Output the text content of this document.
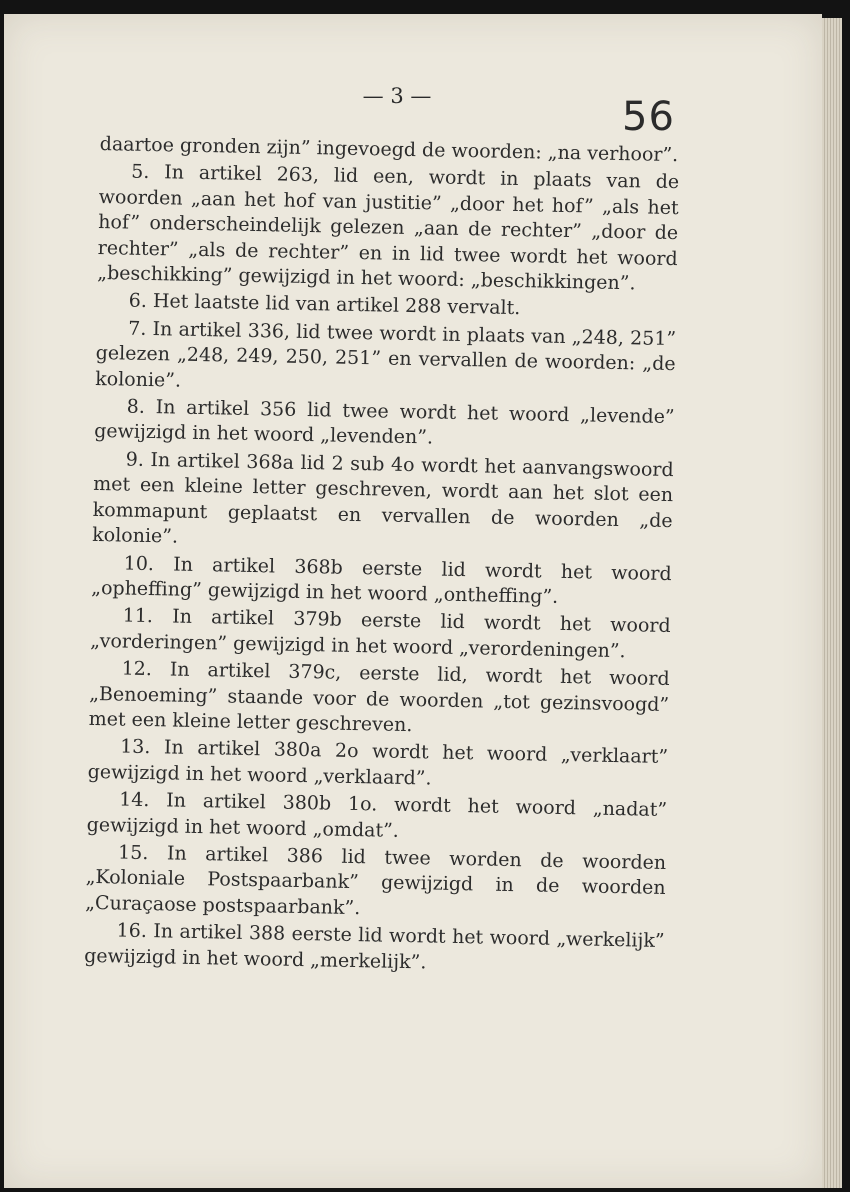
— 3 —	56

daartoe gronden zijn” ingevoegd de woorden: „na verhoor”.

5. In artikel 263, lid een, wordt in plaats van de woorden „aan het hof van justitie” „door het hof” „als het hof” onderscheindelijk gelezen „aan de rechter” „door de rechter” „als de rechter” en in lid twee wordt het woord „beschikking” gewijzigd in het woord: „beschikkingen”.

6. Het laatste lid van artikel 288 vervalt.

7. In artikel 336, lid twee wordt in plaats van „248, 251” gelezen „248, 249, 250, 251” en vervallen de woorden: „de kolonie”.

8. In artikel 356 lid twee wordt het woord „levende” gewijzigd in het woord „levenden”.

9. In artikel 368a lid 2 sub 4o wordt het aanvangswoord met een kleine letter geschreven, wordt aan het slot een kommapunt geplaatst en vervallen de woorden „de kolonie”.

10. In artikel 368b eerste lid wordt het woord „opheffing” gewijzigd in het woord „ontheffing”.

11. In artikel 379b eerste lid wordt het woord „vorderingen” gewijzigd in het woord „verordeningen”.

12. In artikel 379c, eerste lid, wordt het woord „Benoeming” staande voor de woorden „tot gezinsvoogd” met een kleine letter geschreven.

13. In artikel 380a 2o wordt het woord „verklaart” gewijzigd in het woord „verklaard”.

14. In artikel 380b 1o. wordt het woord „nadat” gewijzigd in het woord „omdat”.

15. In artikel 386 lid twee worden de woorden „Koloniale Postspaarbank” gewijzigd in de woorden „Curaçaose postspaarbank”.

16. In artikel 388 eerste lid wordt het woord „werkelijk” gewijzigd in het woord „merkelijk”.
